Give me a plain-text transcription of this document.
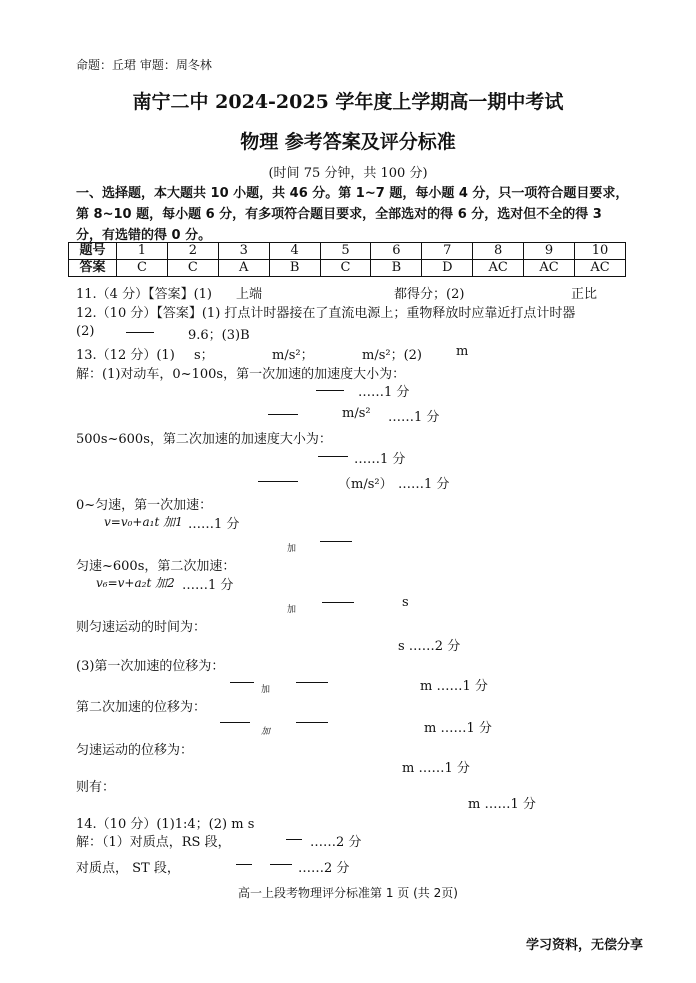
命题：丘珺 审题：周冬林
南宁二中 2024-2025 学年度上学期高一期中考试
物理 参考答案及评分标准
(时间 75 分钟，共 100 分)
一、选择题，本大题共 10 小题，共 46 分。第 1~7 题，每小题 4 分，只一项符合题目要求，
第 8~10 题，每小题 6 分，有多项符合题目要求，全部选对的得 6 分，选对但不全的得 3
分，有选错的得 0 分。
题号	1	2	3	4	5	6	7	8	9	10
答案	C	C	A	B	C	B	D	AC	AC	AC
11.（4 分）【答案】(1) 上端	都得分；(2)	正比
12.（10 分）【答案】(1) 打点计时器接在了直流电源上；重物释放时应靠近打点计时器
(2)	9.6；(3)B
13.（12 分）(1) s；	m/s²；	m/s²；(2)	m
解：(1)对动车，0~100s，第一次加速的加速度大小为：
……1 分
m/s² ……1 分
500s~600s，第二次加速的加速度大小为：
……1 分
（m/s²） ……1 分
0~匀速，第一次加速：
v=v₀+a₁t 加1 ……1 分
加
匀速~600s，第二次加速：
v₆=v+a₂t 加2 ……1 分
加	s
则匀速运动的时间为：
s ……2 分
(3)第一次加速的位移为：
加	m ……1 分
第二次加速的位移为：
加	m ……1 分
匀速运动的位移为：
m ……1 分
则有：
m ……1 分
14.（10 分）(1)1:4；(2) m s
解：（1）对质点，RS 段，	……2 分
对质点， ST 段，	……2 分
高一上段考物理评分标准第 1 页 (共 2页)
学习资料，无偿分享
